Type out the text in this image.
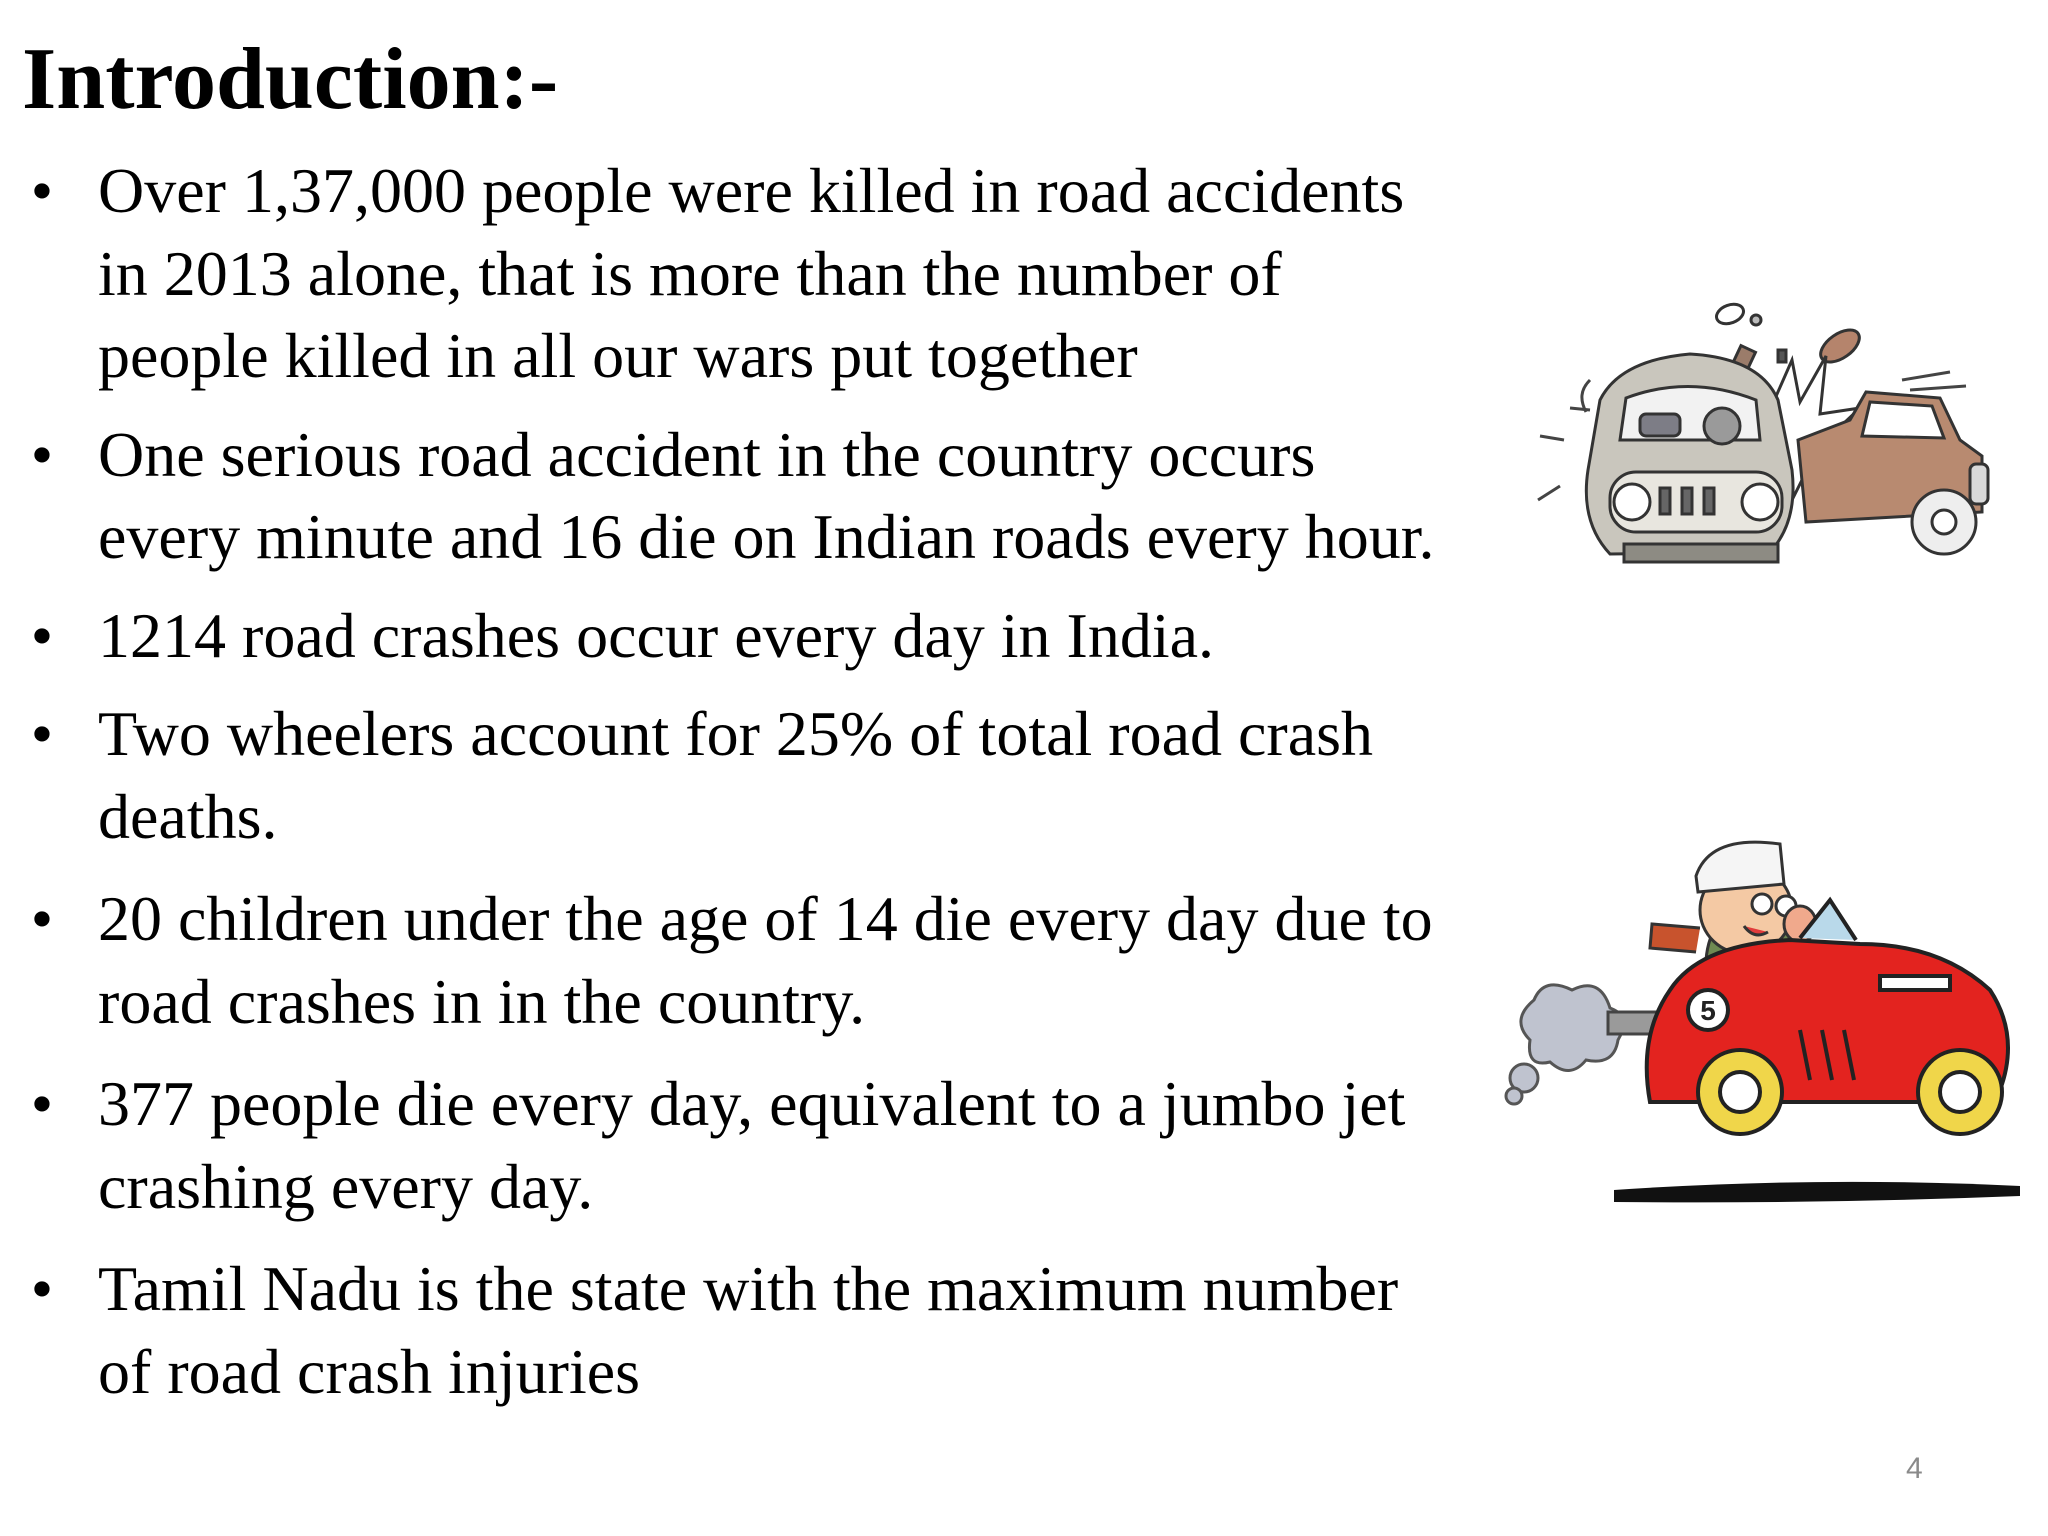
Introduction:-
• Over 1,37,000 people were killed in road accidents in 2013 alone, that is more than the number of people killed in all our wars put together
• One serious road accident in the country occurs every minute and 16 die on Indian roads every hour.
• 1214 road crashes occur every day in India.
• Two wheelers account for 25% of total road crash deaths.
• 20 children under the age of 14 die every day due to road crashes in in the country.
• 377 people die every day, equivalent to a jumbo jet crashing every day.
• Tamil Nadu is the state with the maximum number of road crash injuries
5
4
